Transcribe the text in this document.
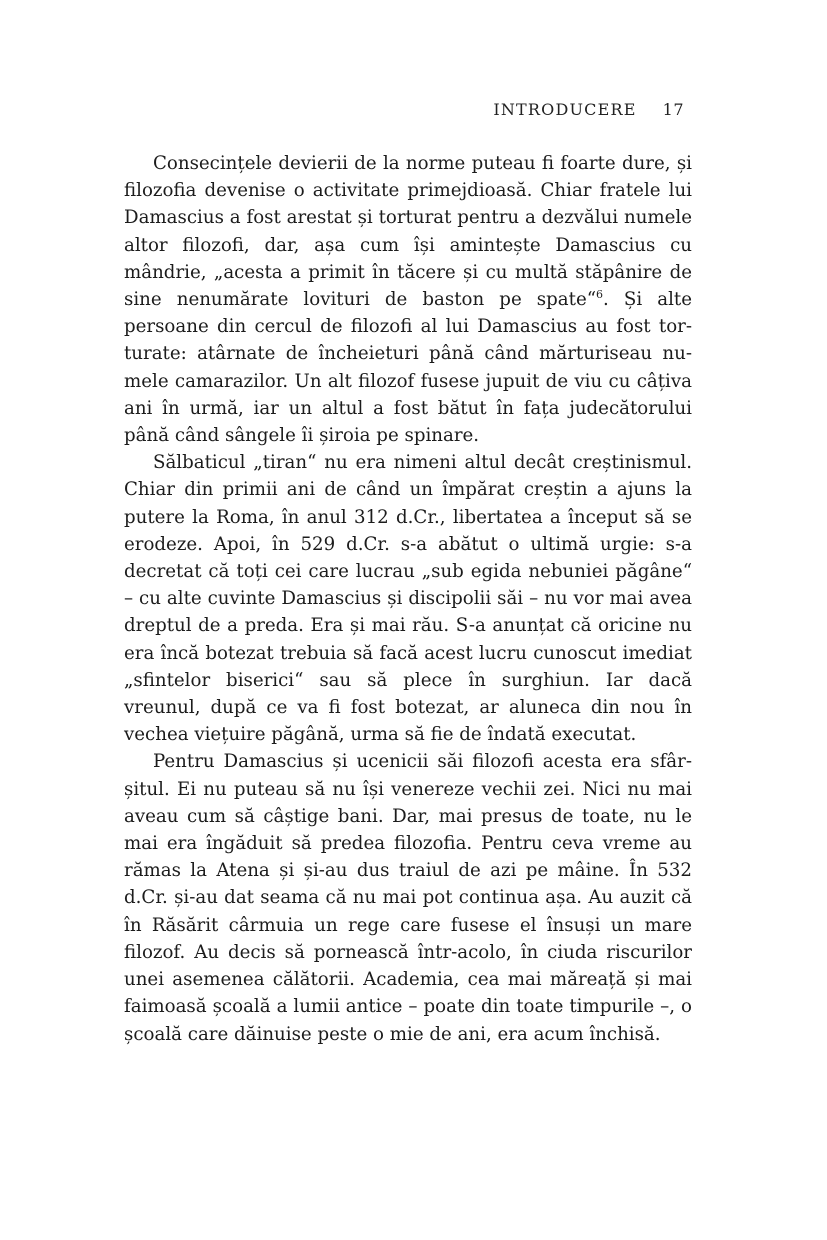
INTRODUCERE 17

Consecințele devierii de la norme puteau fi foarte dure, și filozofia devenise o activitate primejdioasă. Chiar fratele lui Damascius a fost arestat și torturat pentru a dezvălui numele altor filozofi, dar, așa cum își amintește Damascius cu mândrie, „acesta a primit în tăcere și cu multă stăpânire de sine nenumărate lovituri de baston pe spate“$^6$. Și alte persoane din cercul de filozofi al lui Damascius au fost torturate: atârnate de încheieturi până când mărturiseau numele camarazilor. Un alt filozof fusese jupuit de viu cu câțiva ani în urmă, iar un altul a fost bătut în fața judecătorului până când sângele îi șiroia pe spinare.

Sălbaticul „tiran“ nu era nimeni altul decât creștinismul. Chiar din primii ani de când un împărat creștin a ajuns la putere la Roma, în anul 312 d.Cr., libertatea a început să se erodeze. Apoi, în 529 d.Cr. s-a abătut o ultimă urgie: s-a decretat că toți cei care lucrau „sub egida nebuniei păgâne“ – cu alte cuvinte Damascius și discipolii săi – nu vor mai avea dreptul de a preda. Era și mai rău. S-a anunțat că oricine nu era încă botezat trebuia să facă acest lucru cunoscut imediat „sfintelor biserici“ sau să plece în surghiun. Iar dacă vreunul, după ce va fi fost botezat, ar aluneca din nou în vechea viețuire păgână, urma să fie de îndată executat.

Pentru Damascius și ucenicii săi filozofi acesta era sfârșitul. Ei nu puteau să nu își venereze vechii zei. Nici nu mai aveau cum să câștige bani. Dar, mai presus de toate, nu le mai era îngăduit să predea filozofia. Pentru ceva vreme au rămas la Atena și și-au dus traiul de azi pe mâine. În 532 d.Cr. și-au dat seama că nu mai pot continua așa. Au auzit că în Răsărit cârmuia un rege care fusese el însuși un mare filozof. Au decis să pornească într-acolo, în ciuda riscurilor unei asemenea călătorii. Academia, cea mai măreață și mai faimoasă școală a lumii antice – poate din toate timpurile –, o școală care dăinuise peste o mie de ani, era acum închisă.
